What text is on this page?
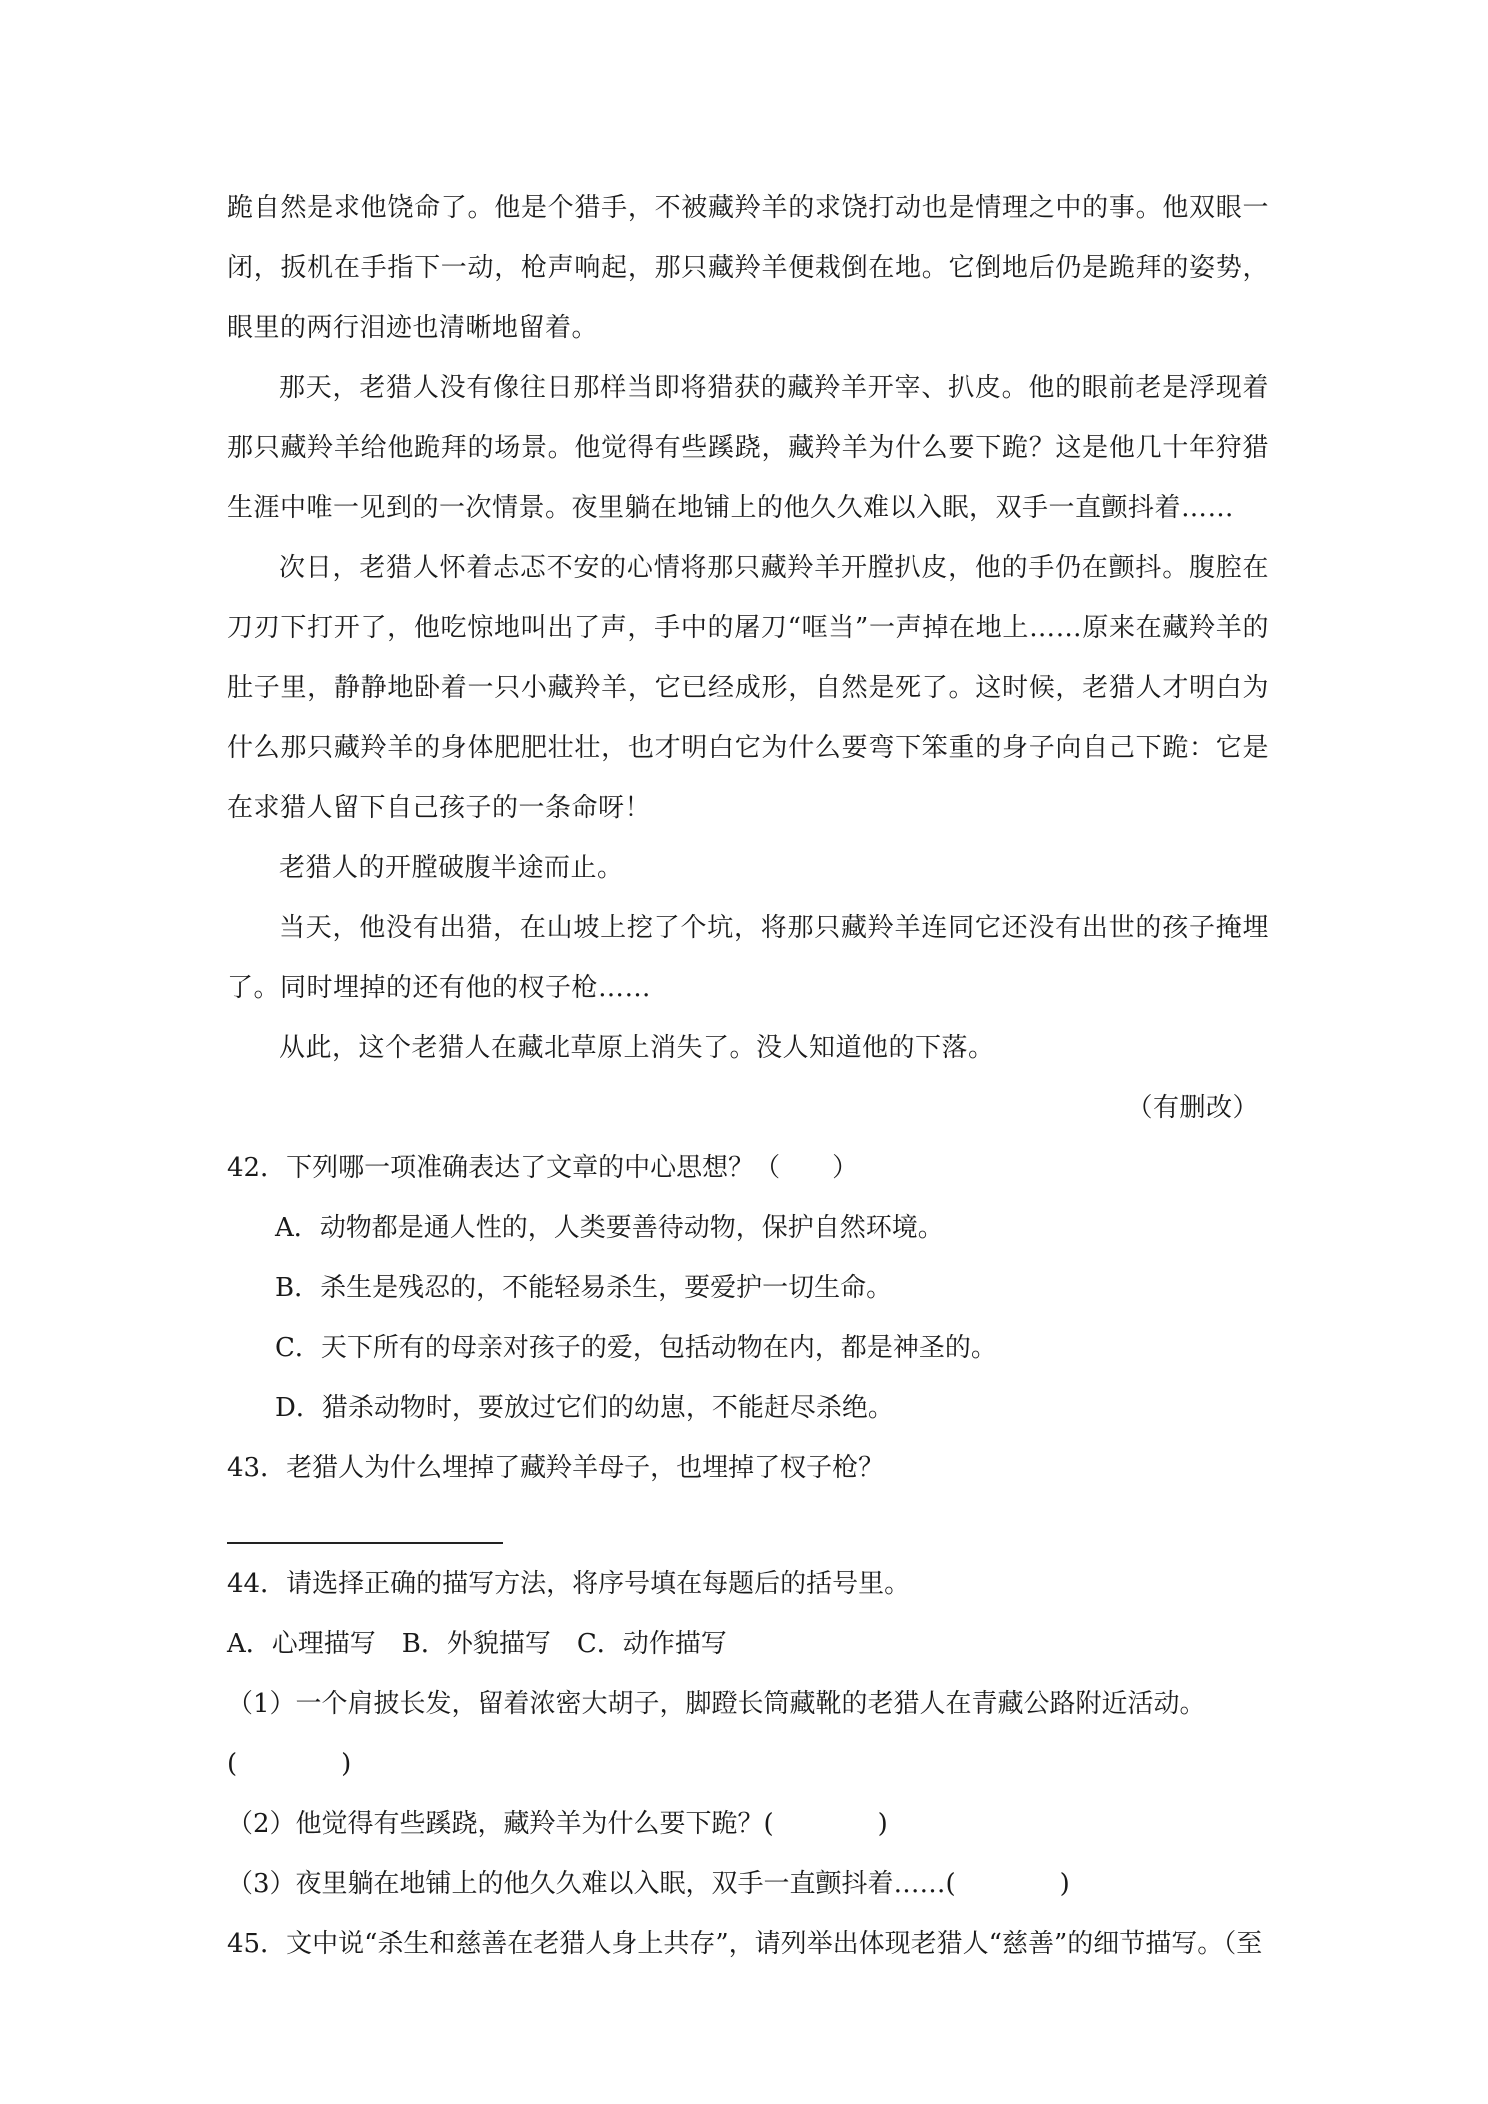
跪自然是求他饶命了。他是个猎手，不被藏羚羊的求饶打动也是情理之中的事。他双眼一闭，扳机在手指下一动，枪声响起，那只藏羚羊便栽倒在地。它倒地后仍是跪拜的姿势，眼里的两行泪迹也清晰地留着。

那天，老猎人没有像往日那样当即将猎获的藏羚羊开宰、扒皮。他的眼前老是浮现着那只藏羚羊给他跪拜的场景。他觉得有些蹊跷，藏羚羊为什么要下跪？这是他几十年狩猎生涯中唯一见到的一次情景。夜里躺在地铺上的他久久难以入眠，双手一直颤抖着……

次日，老猎人怀着忐忑不安的心情将那只藏羚羊开膛扒皮，他的手仍在颤抖。腹腔在刀刃下打开了，他吃惊地叫出了声，手中的屠刀“哐当”一声掉在地上……原来在藏羚羊的肚子里，静静地卧着一只小藏羚羊，它已经成形，自然是死了。这时候，老猎人才明白为什么那只藏羚羊的身体肥肥壮壮，也才明白它为什么要弯下笨重的身子向自己下跪：它是在求猎人留下自己孩子的一条命呀！

老猎人的开膛破腹半途而止。

当天，他没有出猎，在山坡上挖了个坑，将那只藏羚羊连同它还没有出世的孩子掩埋了。同时埋掉的还有他的杈子枪……

从此，这个老猎人在藏北草原上消失了。没人知道他的下落。

（有删改）

42．下列哪一项准确表达了文章的中心思想？（　　）

A．动物都是通人性的，人类要善待动物，保护自然环境。

B．杀生是残忍的，不能轻易杀生，要爱护一切生命。

C．天下所有的母亲对孩子的爱，包括动物在内，都是神圣的。

D．猎杀动物时，要放过它们的幼崽，不能赶尽杀绝。

43．老猎人为什么埋掉了藏羚羊母子，也埋掉了杈子枪？

44．请选择正确的描写方法，将序号填在每题后的括号里。

A．心理描写　B．外貌描写　C．动作描写

（1）一个肩披长发，留着浓密大胡子，脚蹬长筒藏靴的老猎人在青藏公路附近活动。

(　　　　)

（2）他觉得有些蹊跷，藏羚羊为什么要下跪？(　　　　)

（3）夜里躺在地铺上的他久久难以入眠，双手一直颤抖着……(　　　　)

45．文中说“杀生和慈善在老猎人身上共存”，请列举出体现老猎人“慈善”的细节描写。（至
